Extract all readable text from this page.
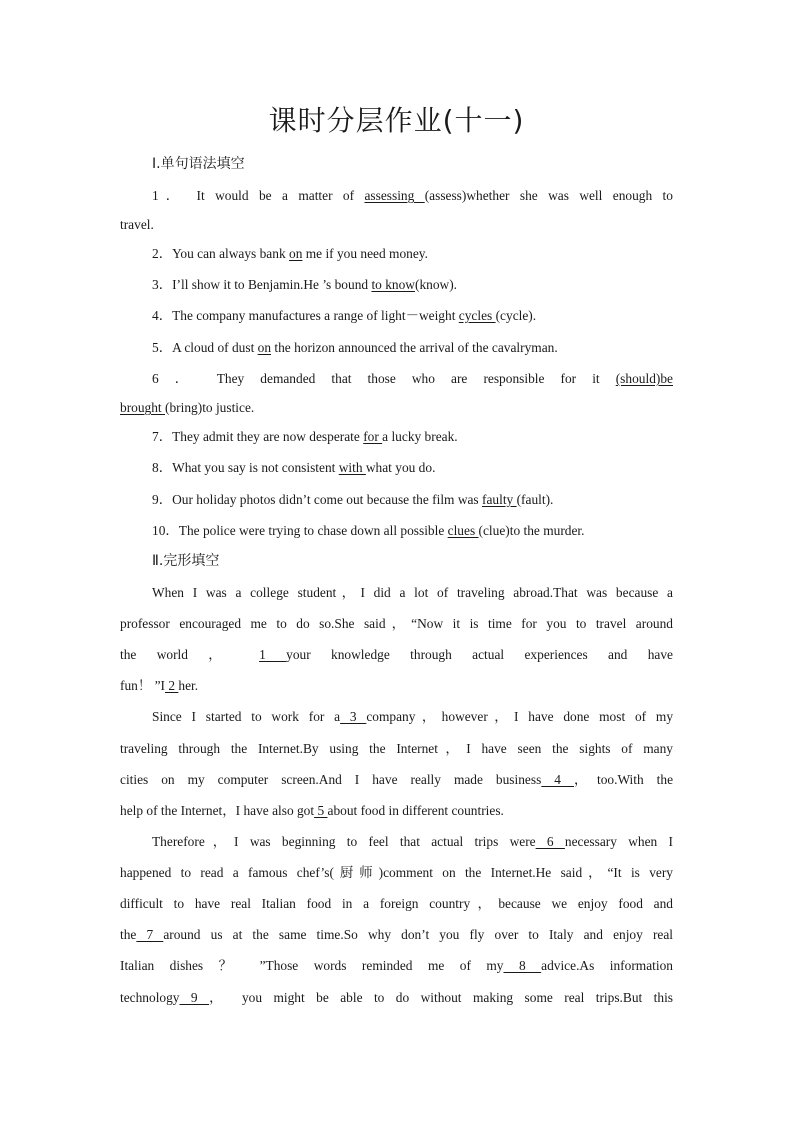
课时分层作业(十一)
Ⅰ.单句语法填空
1． It would be a matter of assessing (assess)whether she was well enough to
travel.
2．You can always bank on me if you need money.
3．I’ll show it to Benjamin.He ’s bound to know(know).
4．The company manufactures a range of light－weight cycles (cycle).
5．A cloud of dust on the horizon announced the arrival of the cavalryman.
6 ． They demanded that those who are responsible for it (should)be
brought (bring)to justice.
7．They admit they are now desperate for a lucky break.
8．What you say is not consistent with what you do.
9．Our holiday photos didn’t come out because the film was faulty (fault).
10．The police were trying to chase down all possible clues (clue)to the murder.
Ⅱ.完形填空
When I was a college student，I did a lot of traveling abroad.That was because a
professor encouraged me to do so.She said，“Now it is time for you to travel around
the world ， 1 your knowledge through actual experiences and have
fun！ ”I 2 her.
Since I started to work for a 3 company，however，I have done most of my
traveling through the Internet.By using the Internet，I have seen the sights of many
cities on my computer screen.And I have really made business 4 ，too.With the
help of the Internet，I have also got 5 about food in different countries.
Therefore，I was beginning to feel that actual trips were 6 necessary when I
happened to read a famous chef’s(厨师)comment on the Internet.He said，“It is very
difficult to have real Italian food in a foreign country，because we enjoy food and
the 7 around us at the same time.So why don’t you fly over to Italy and enjoy real
Italian dishes ？ ”Those words reminded me of my 8 advice.As information
technology 9 ， you might be able to do without making some real trips.But this
